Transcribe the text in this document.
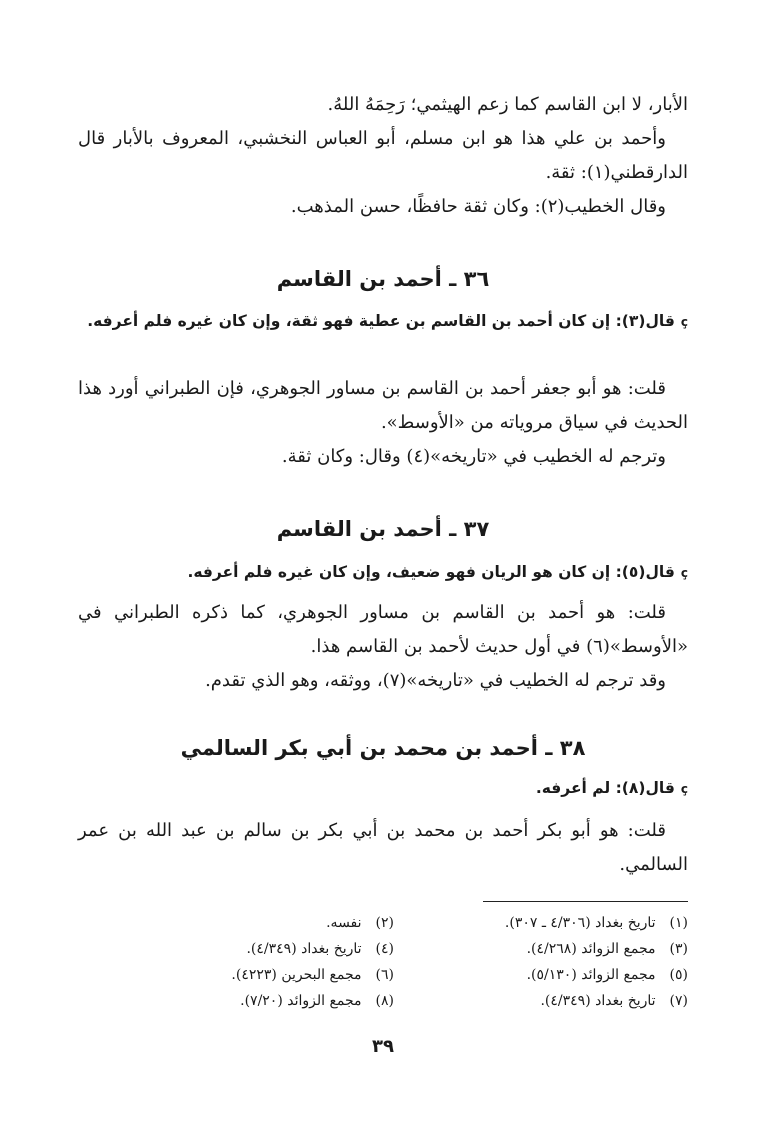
الأبار، لا ابن القاسم كما زعم الهيثمي؛ رَحِمَهُ اللهُ.

وأحمد بن علي هذا هو ابن مسلم، أبو العباس النخشبي، المعروف بالأبار قال الدارقطني(١): ثقة.

وقال الخطيب(٢): وكان ثقة حافظًا، حسن المذهب.

٣٦ ـ أحمد بن القاسم

çقال(٣): إن كان أحمد بن القاسم بن عطية فهو ثقة، وإن كان غيره فلم أعرفه.

قلت: هو أبو جعفر أحمد بن القاسم بن مساور الجوهري، فإن الطبراني أورد هذا الحديث في سياق مروياته من «الأوسط».

وترجم له الخطيب في «تاريخه»(٤) وقال: وكان ثقة.

٣٧ ـ أحمد بن القاسم

çقال(٥): إن كان هو الريان فهو ضعيف، وإن كان غيره فلم أعرفه.

قلت: هو أحمد بن القاسم بن مساور الجوهري، كما ذكره الطبراني في «الأوسط»(٦) في أول حديث لأحمد بن القاسم هذا.

وقد ترجم له الخطيب في «تاريخه»(٧)، ووثقه، وهو الذي تقدم.

٣٨ ـ أحمد بن محمد بن أبي بكر السالمي

çقال(٨): لم أعرفه.

قلت: هو أبو بكر أحمد بن محمد بن أبي بكر بن سالم بن عبد الله بن عمر السالمي.

(١) تاريخ بغداد (٤/٣٠٦ ـ ٣٠٧).
(٢) نفسه.
(٣) مجمع الزوائد (٤/٢٦٨).
(٤) تاريخ بغداد (٤/٣٤٩).
(٥) مجمع الزوائد (٥/١٣٠).
(٦) مجمع البحرين (٤٢٢٣).
(٧) تاريخ بغداد (٤/٣٤٩).
(٨) مجمع الزوائد (٧/٢٠).
٣٩
